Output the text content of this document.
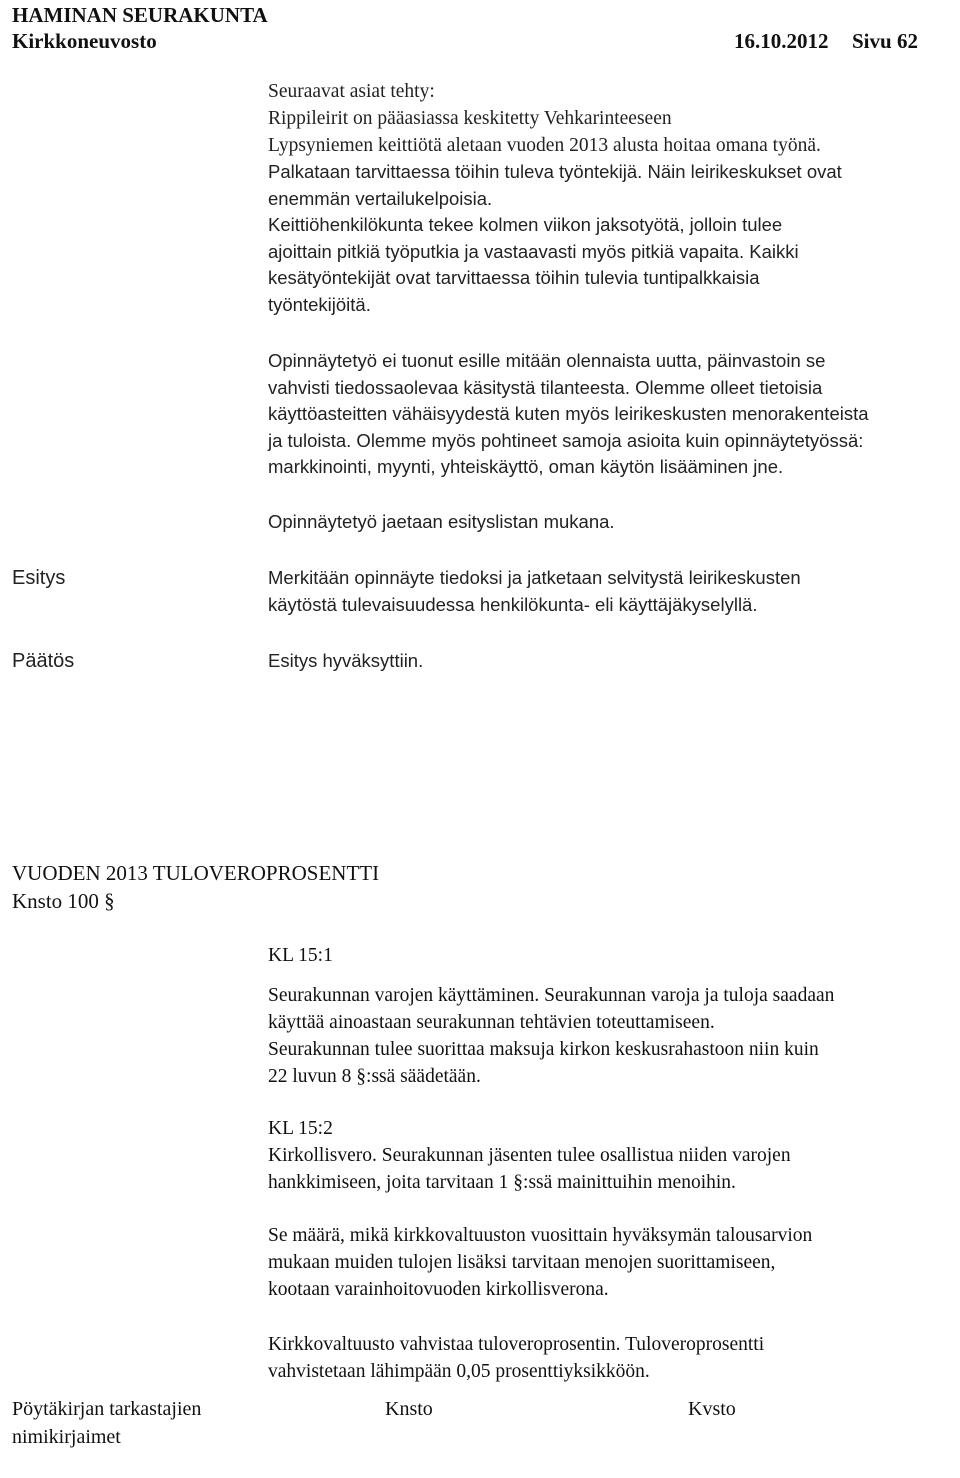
HAMINAN SEURAKUNTA
Kirkkoneuvosto	16.10.2012 Sivu 62
Seuraavat asiat tehty:
Rippileirit on pääasiassa keskitetty Vehkarinteeseen
Lypsyniemen keittiötä aletaan vuoden 2013 alusta hoitaa omana työnä.
Palkataan tarvittaessa töihin tuleva työntekijä. Näin leirikeskukset ovat
enemmän vertailukelpoisia.
Keittiöhenkilökunta tekee kolmen viikon jaksotyötä, jolloin tulee
ajoittain pitkiä työputkia ja vastaavasti myös pitkiä vapaita. Kaikki
kesätyöntekijät ovat tarvittaessa töihin tulevia tuntipalkkaisia
työntekijöitä.
Opinnäytetyö ei tuonut esille mitään olennaista uutta, päinvastoin se
vahvisti tiedossaolevaa käsitystä tilanteesta. Olemme olleet tietoisia
käyttöasteitten vähäisyydestä kuten myös leirikeskusten menorakenteista
ja tuloista. Olemme myös pohtineet samoja asioita kuin opinnäytetyössä:
markkinointi, myynti, yhteiskäyttö, oman käytön lisääminen jne.
Opinnäytetyö jaetaan esityslistan mukana.
Esitys	Merkitään opinnäyte tiedoksi ja jatketaan selvitystä leirikeskusten
käytöstä tulevaisuudessa henkilökunta- eli käyttäjäkyselyllä.
Päätös	Esitys hyväksyttiin.
VUODEN 2013 TULOVEROPROSENTTI
Knsto 100 §
KL 15:1
Seurakunnan varojen käyttäminen. Seurakunnan varoja ja tuloja saadaan
käyttää ainoastaan seurakunnan tehtävien toteuttamiseen.
Seurakunnan tulee suorittaa maksuja kirkon keskusrahastoon niin kuin
22 luvun 8 §:ssä säädetään.
KL 15:2
Kirkollisvero. Seurakunnan jäsenten tulee osallistua niiden varojen
hankkimiseen, joita tarvitaan 1 §:ssä mainittuihin menoihin.
Se määrä, mikä kirkkovaltuuston vuosittain hyväksymän talousarvion
mukaan muiden tulojen lisäksi tarvitaan menojen suorittamiseen,
kootaan varainhoitovuoden kirkollisverona.
Kirkkovaltuusto vahvistaa tuloveroprosentin. Tuloveroprosentti
vahvistetaan lähimpään 0,05 prosenttiyksikköön.
Pöytäkirjan tarkastajien
nimikirjaimet
Knsto	Kvsto
